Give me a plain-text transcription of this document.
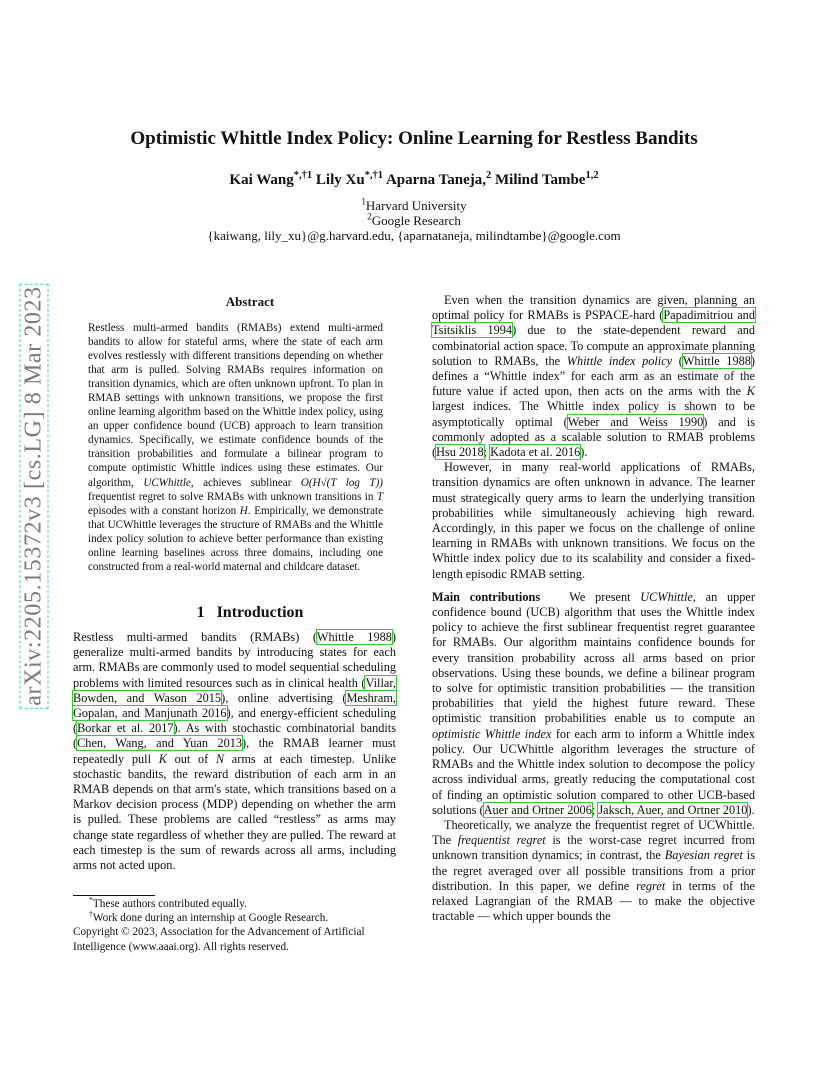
arXiv:2205.15372v3 [cs.LG] 8 Mar 2023
Optimistic Whittle Index Policy: Online Learning for Restless Bandits
Kai Wang$^{*,\dagger 1}$ Lily $Xu^{*,\dagger 1}$ Aparna Taneja,$^2$ Milind Tambe$^{1,2}$
$^1$Harvard University
$^2$Google Research
{kaiwang, lily_xu}@g.harvard.edu, {aparnataneja, milindtambe}@google.com
Abstract
Restless multi-armed bandits (RMABs) extend multi-armed bandits to allow for stateful arms, where the state of each arm evolves restlessly with different transitions depending on whether that arm is pulled. Solving RMABs requires information on transition dynamics, which are often unknown upfront. To plan in RMAB settings with unknown transitions, we propose the first online learning algorithm based on the Whittle index policy, using an upper confidence bound (UCB) approach to learn transition dynamics. Specifically, we estimate confidence bounds of the transition probabilities and formulate a bilinear program to compute optimistic Whittle indices using these estimates. Our algorithm, UCWhittle, achieves sublinear O(H√(T log T)) frequentist regret to solve RMABs with unknown transitions in T episodes with a constant horizon H. Empirically, we demonstrate that UCWhittle leverages the structure of RMABs and the Whittle index policy solution to achieve better performance than existing online learning baselines across three domains, including one constructed from a real-world maternal and childcare dataset.
1 Introduction
Restless multi-armed bandits (RMABs) (Whittle 1988) generalize multi-armed bandits by introducing states for each arm. RMABs are commonly used to model sequential scheduling problems with limited resources such as in clinical health (Villar, Bowden, and Wason 2015), online advertising (Meshram, Gopalan, and Manjunath 2016), and energy-efficient scheduling (Borkar et al. 2017). As with stochastic combinatorial bandits (Chen, Wang, and Yuan 2013), the RMAB learner must repeatedly pull K out of N arms at each timestep. Unlike stochastic bandits, the reward distribution of each arm in an RMAB depends on that arm's state, which transitions based on a Markov decision process (MDP) depending on whether the arm is pulled. These problems are called “restless” as arms may change state regardless of whether they are pulled. The reward at each timestep is the sum of rewards across all arms, including arms not acted upon.
*These authors contributed equally.
†Work done during an internship at Google Research.
Copyright © 2023, Association for the Advancement of Artificial Intelligence (www.aaai.org). All rights reserved.

Even when the transition dynamics are given, planning an optimal policy for RMABs is PSPACE-hard (Papadimitriou and Tsitsiklis 1994) due to the state-dependent reward and combinatorial action space. To compute an approximate planning solution to RMABs, the Whittle index policy (Whittle 1988) defines a “Whittle index” for each arm as an estimate of the future value if acted upon, then acts on the arms with the K largest indices. The Whittle index policy is shown to be asymptotically optimal (Weber and Weiss 1990) and is commonly adopted as a scalable solution to RMAB problems (Hsu 2018; Kadota et al. 2016).

However, in many real-world applications of RMABs, transition dynamics are often unknown in advance. The learner must strategically query arms to learn the underlying transition probabilities while simultaneously achieving high reward. Accordingly, in this paper we focus on the challenge of online learning in RMABs with unknown transitions. We focus on the Whittle index policy due to its scalability and consider a fixed-length episodic RMAB setting.

Main contributions We present UCWhittle, an upper confidence bound (UCB) algorithm that uses the Whittle index policy to achieve the first sublinear frequentist regret guarantee for RMABs. Our algorithm maintains confidence bounds for every transition probability across all arms based on prior observations. Using these bounds, we define a bilinear program to solve for optimistic transition probabilities — the transition probabilities that yield the highest future reward. These optimistic transition probabilities enable us to compute an optimistic Whittle index for each arm to inform a Whittle index policy. Our UCWhittle algorithm leverages the structure of RMABs and the Whittle index solution to decompose the policy across individual arms, greatly reducing the computational cost of finding an optimistic solution compared to other UCB-based solutions (Auer and Ortner 2006; Jaksch, Auer, and Ortner 2010).

Theoretically, we analyze the frequentist regret of UCWhittle. The frequentist regret is the worst-case regret incurred from unknown transition dynamics; in contrast, the Bayesian regret is the regret averaged over all possible transitions from a prior distribution. In this paper, we define regret in terms of the relaxed Lagrangian of the RMAB — to make the objective tractable — which upper bounds the
